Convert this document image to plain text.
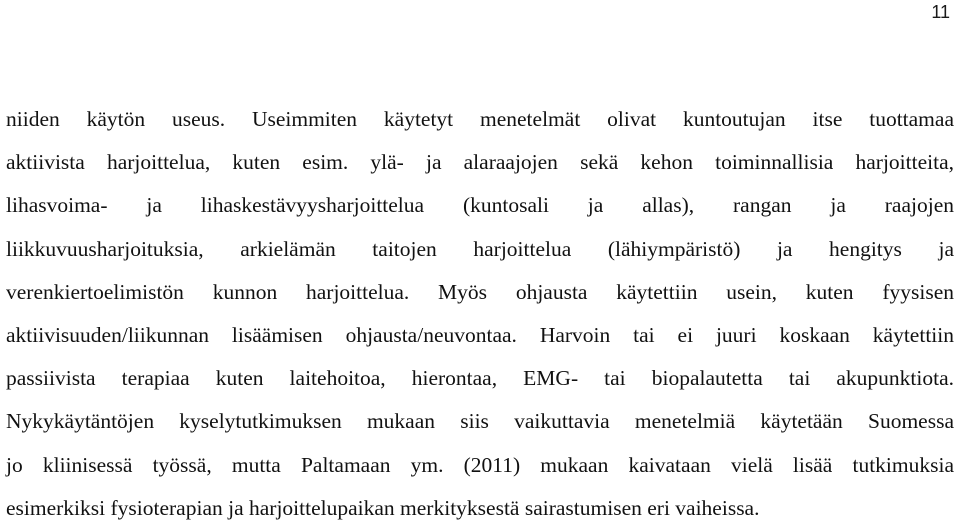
11
niiden käytön useus. Useimmiten käytetyt menetelmät olivat kuntoutujan itse tuottamaa
aktiivista harjoittelua, kuten esim. ylä- ja alaraajojen sekä kehon toiminnallisia harjoitteita,
lihasvoima- ja lihaskestävyysharjoittelua (kuntosali ja allas), rangan ja raajojen
liikkuvuusharjoituksia, arkielämän taitojen harjoittelua (lähiympäristö) ja hengitys ja
verenkiertoelimistön kunnon harjoittelua. Myös ohjausta käytettiin usein, kuten fyysisen
aktiivisuuden/liikunnan lisäämisen ohjausta/neuvontaa. Harvoin tai ei juuri koskaan käytettiin
passiivista terapiaa kuten laitehoitoa, hierontaa, EMG- tai biopalautetta tai akupunktiota.
Nykykäytäntöjen kyselytutkimuksen mukaan siis vaikuttavia menetelmiä käytetään Suomessa
jo kliinisessä työssä, mutta Paltamaan ym. (2011) mukaan kaivataan vielä lisää tutkimuksia
esimerkiksi fysioterapian ja harjoittelupaikan merkityksestä sairastumisen eri vaiheissa.
